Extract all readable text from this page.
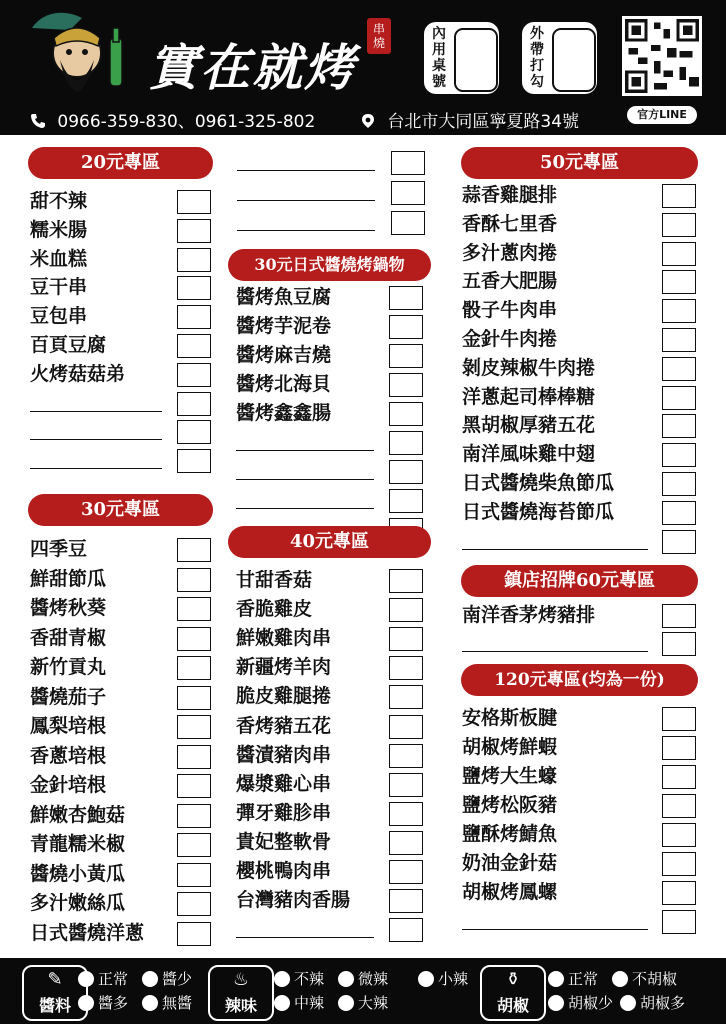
實在就烤
串燒
內用桌號
外帶打勾
官方LINE
0966-359-830、0961-325-802	台北市大同區寧夏路34號
20元專區
甜不辣
糯米腸
米血糕
豆干串
豆包串
百頁豆腐
火烤菇菇弟
30元專區
四季豆
鮮甜節瓜
醬烤秋葵
香甜青椒
新竹貢丸
醬燒茄子
鳳梨培根
香蔥培根
金針培根
鮮嫩杏鮑菇
青龍糯米椒
醬燒小黃瓜
多汁嫩絲瓜
日式醬燒洋蔥
30元日式醬燒烤鍋物
醬烤魚豆腐
醬烤芋泥卷
醬烤麻吉燒
醬烤北海貝
醬烤鑫鑫腸
40元專區
甘甜香菇
香脆雞皮
鮮嫩雞肉串
新疆烤羊肉
脆皮雞腿捲
香烤豬五花
醬漬豬肉串
爆漿雞心串
彈牙雞胗串
貴妃整軟骨
櫻桃鴨肉串
台灣豬肉香腸
50元專區
蒜香雞腿排
香酥七里香
多汁蔥肉捲
五香大肥腸
骰子牛肉串
金針牛肉捲
剝皮辣椒牛肉捲
洋蔥起司棒棒糖
黑胡椒厚豬五花
南洋風味雞中翅
日式醬燒柴魚節瓜
日式醬燒海苔節瓜
鎮店招牌60元專區
南洋香茅烤豬排
120元專區(均為一份)
安格斯板腱
胡椒烤鮮蝦
鹽烤大生蠔
鹽烤松阪豬
鹽酥烤鯖魚
奶油金針菇
胡椒烤鳳螺
✎
醬料
♨
辣味
⚱
胡椒
正常	醬少
醬多	無醬
不辣	微辣	小辣
中辣	大辣
正常	不胡椒
胡椒少	胡椒多
